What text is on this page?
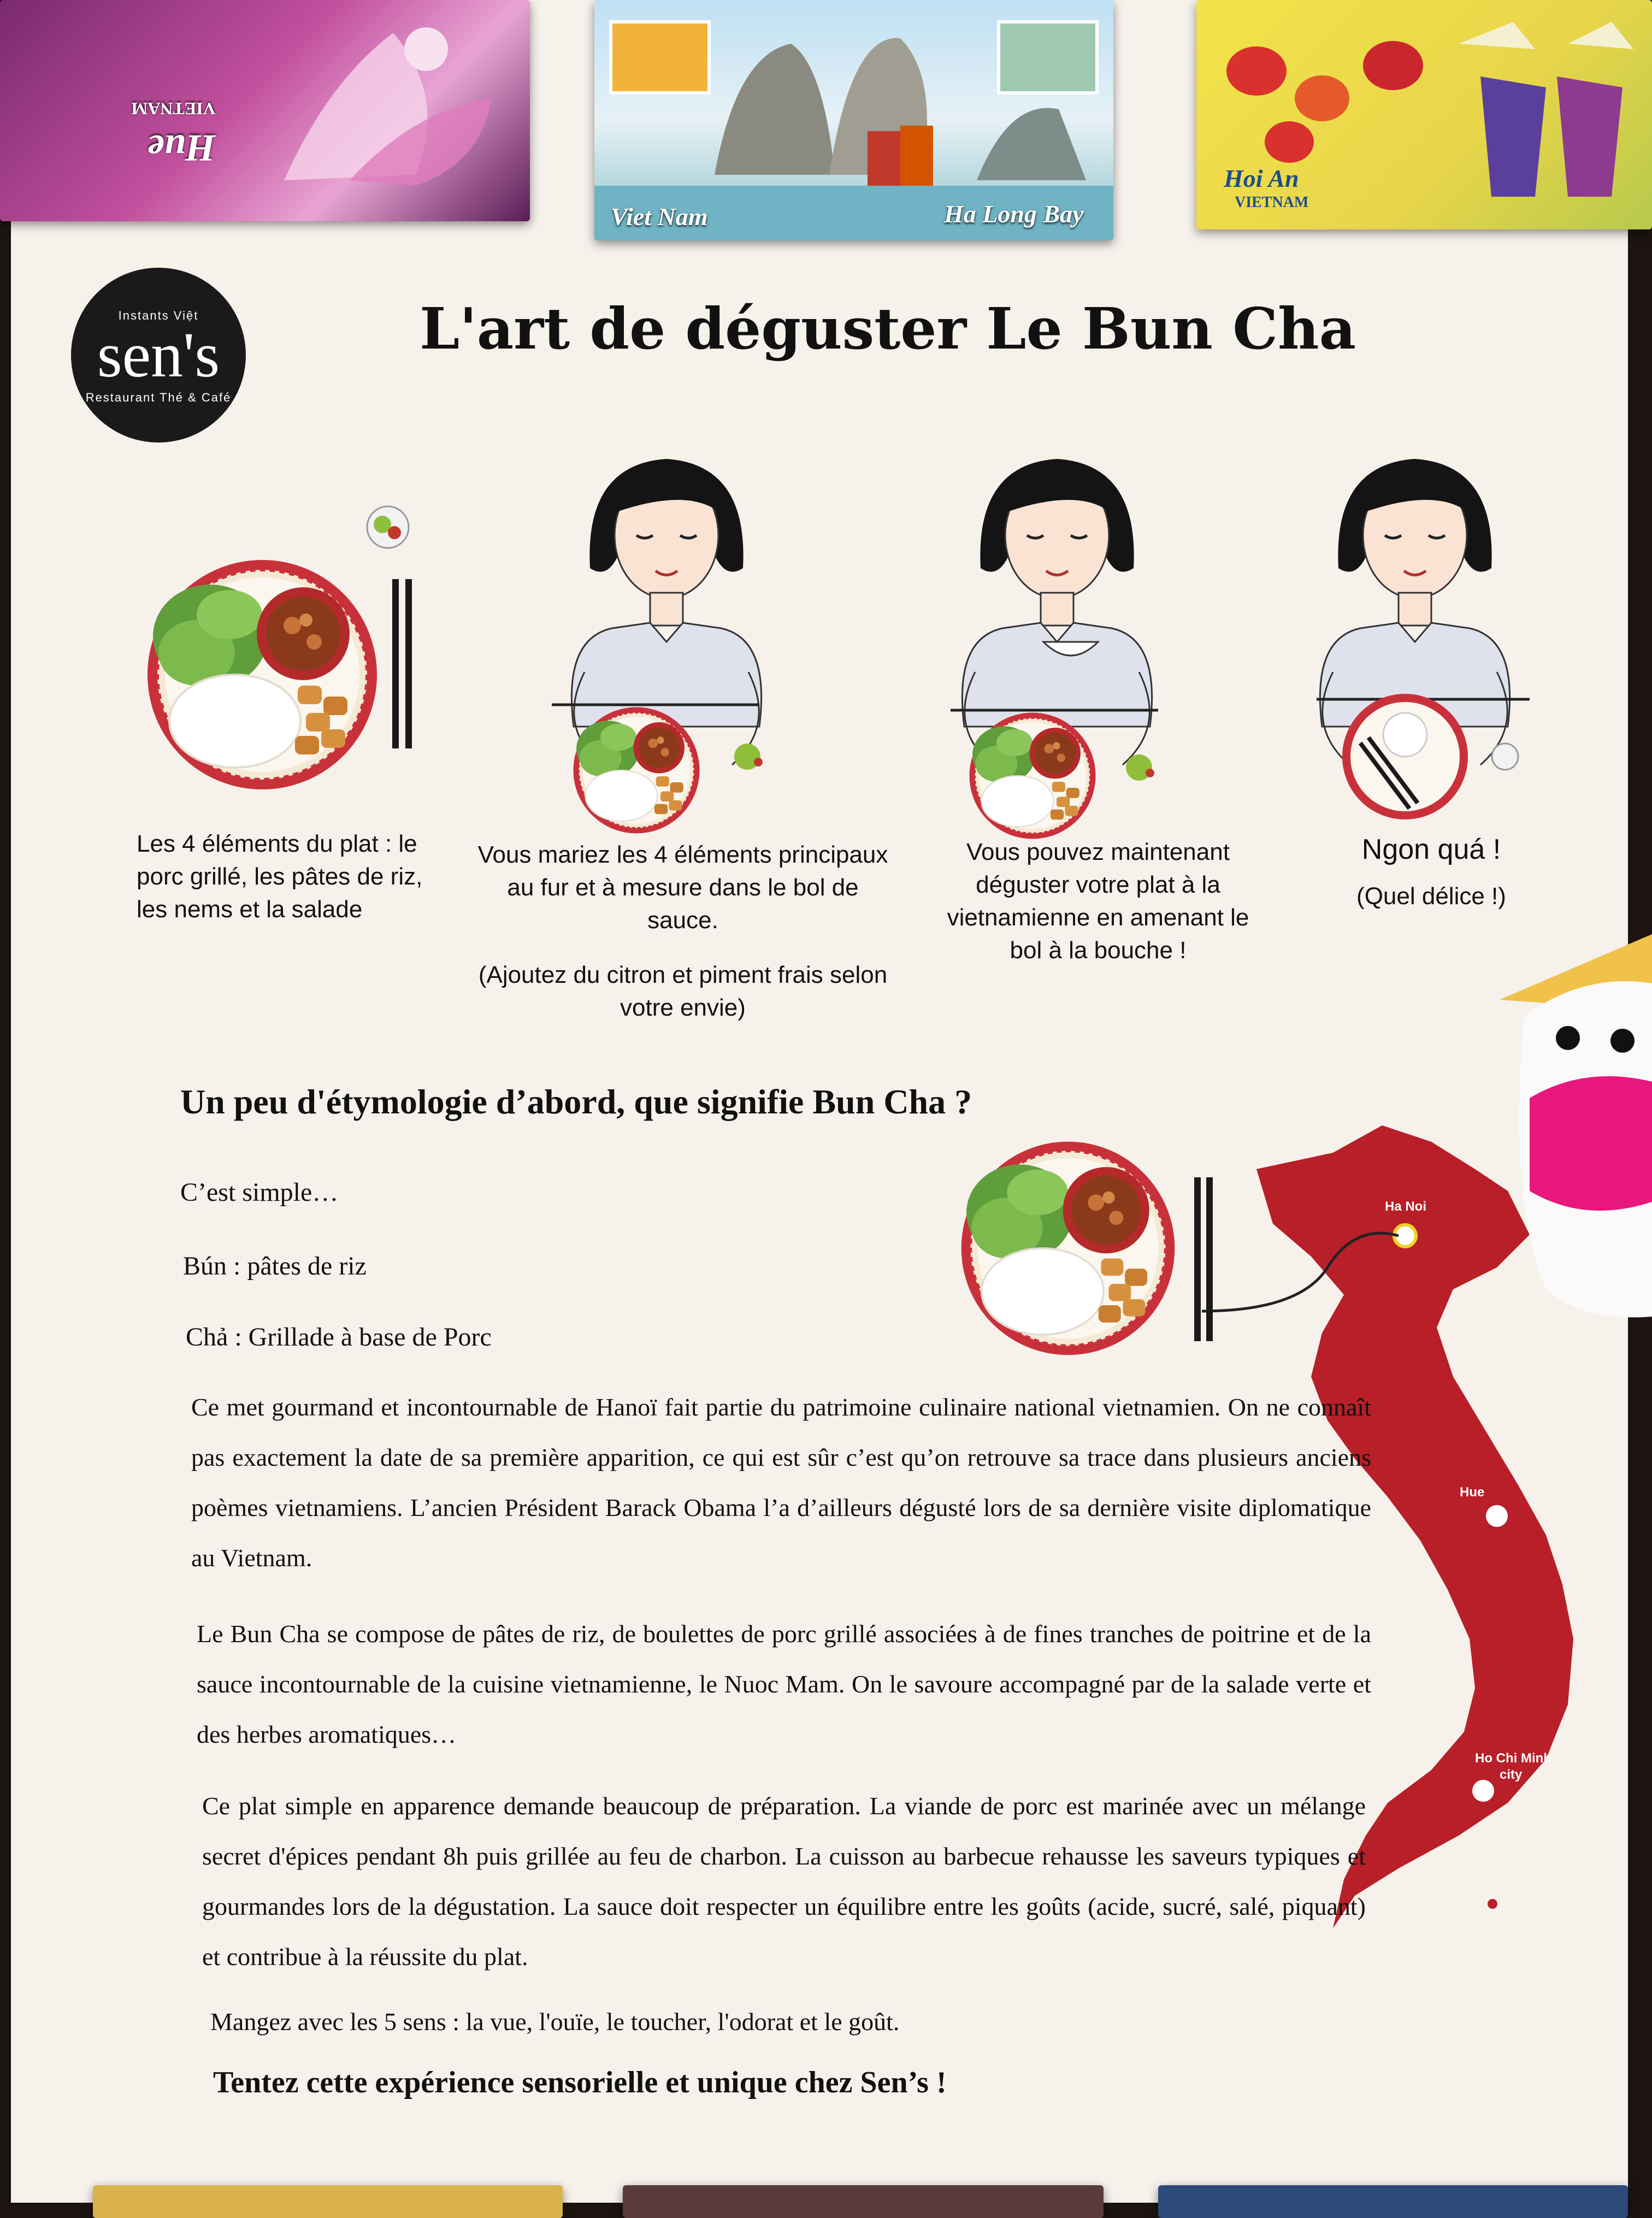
Hue
VIETNAM
Viet Nam	Ha Long Bay
Hoi An
VIETNAM
Instants Việt
sen's
Restaurant Thé & Café
L'art de déguster Le Bun Cha

Les 4 éléments du plat : le porc grillé, les pâtes de riz, les nems et la salade

Vous mariez les 4 éléments principaux au fur et à mesure dans le bol de sauce.

(Ajoutez du citron et piment frais selon votre envie)

Vous pouvez maintenant déguster votre plat à la vietnamienne en amenant le bol à la bouche !

Ngon quá !

(Quel délice !)

Ha Noi
Hue
Ho Chi Minh
city
Un peu d'étymologie d’abord, que signifie Bun Cha ?
C’est simple…
Bún : pâtes de riz
Chả : Grillade à base de Porc
Ce met gourmand et incontournable de Hanoï fait partie du patrimoine culinaire national vietnamien. On ne connaît pas exactement la date de sa première apparition, ce qui est sûr c’est qu’on retrouve sa trace dans plusieurs anciens poèmes vietnamiens. L’ancien Président Barack Obama l’a d’ailleurs dégusté lors de sa dernière visite diplomatique au Vietnam.
Le Bun Cha se compose de pâtes de riz, de boulettes de porc grillé associées à de fines tranches de poitrine et de la sauce incontournable de la cuisine vietnamienne, le Nuoc Mam. On le savoure accompagné par de la salade verte et des herbes aromatiques…
Ce plat simple en apparence demande beaucoup de préparation. La viande de porc est marinée avec un mélange secret d'épices pendant 8h puis grillée au feu de charbon. La cuisson au barbecue rehausse les saveurs typiques et gourmandes lors de la dégustation. La sauce doit respecter un équilibre entre les goûts (acide, sucré, salé, piquant) et contribue à la réussite du plat.
Mangez avec les 5 sens : la vue, l'ouïe, le toucher, l'odorat et le goût.
Tentez cette expérience sensorielle et unique chez Sen’s !
